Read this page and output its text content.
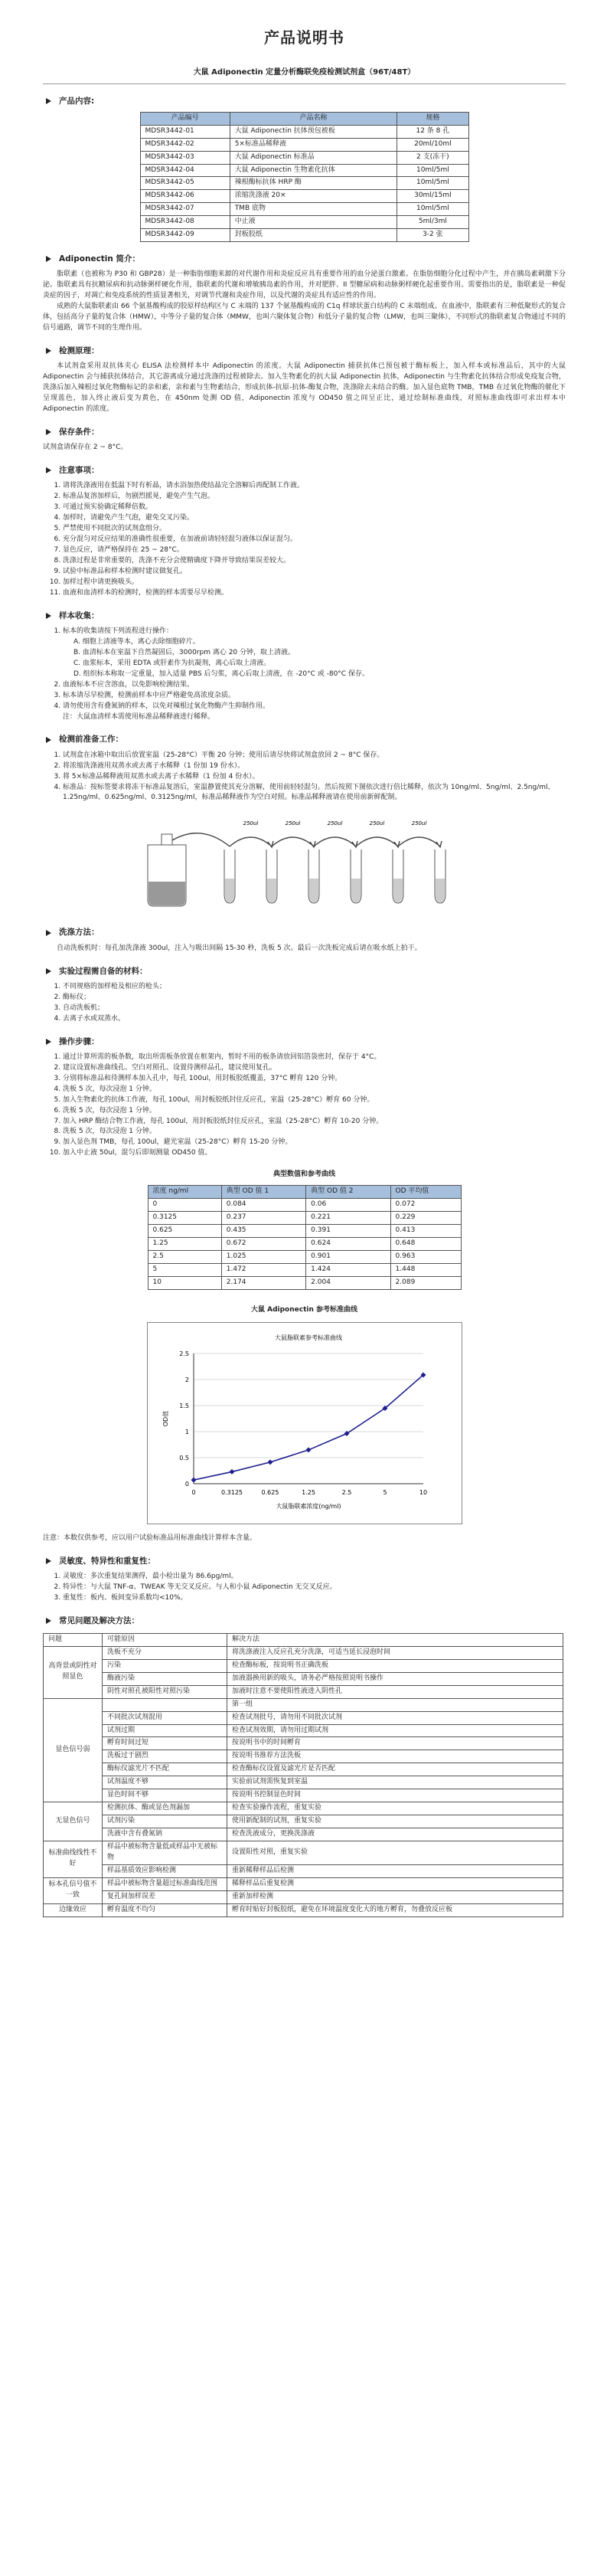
产品说明书
大鼠 Adiponectin 定量分析酶联免疫检测试剂盒（96T/48T）
产品内容:
产品编号	产品名称	规格
MDSR3442-01	大鼠 Adiponectin 抗体预包被板	12 条 8 孔
MDSR3442-02	5×标准品稀释液	20ml/10ml
MDSR3442-03	大鼠 Adiponectin 标准品	2 支(冻干)
MDSR3442-04	大鼠 Adiponectin 生物素化抗体	10ml/5ml
MDSR3442-05	辣根酶标抗体 HRP 酶	10ml/5ml
MDSR3442-06	浓缩洗涤液 20×	30ml/15ml
MDSR3442-07	TMB 底物	10ml/5ml
MDSR3442-08	中止液	5ml/3ml
MDSR3442-09	封板胶纸	3-2 张
Adiponectin 简介：

脂联素（也被称为 P30 和 GBP28）是一种脂肪细胞来源的对代谢作用和炎症反应具有重要作用的血分泌蛋白激素。在脂肪细胞分化过程中产生，并在胰岛素刺激下分泌。脂联素具有抗糖尿病和抗动脉粥样硬化作用，脂联素的代谢和增敏胰岛素的作用，并对肥胖、II 型糖尿病和动脉粥样硬化起重要作用。需要指出的是，脂联素是一种促炎症的因子，对凋亡和免疫系统的性质显著相关，对调节代谢和炎症作用，以及代谢的炎症具有适应性的作用。

成熟的大鼠脂联素由 66 个氨基酸构成的胶原样结构区与 C 末端的 137 个氨基酸构成的 C1q 样球状蛋白结构的 C 末端组成。在血液中，脂联素有三种低聚形式的复合体，包括高分子量的复合体（HMW），中等分子量的复合体（MMW，也叫六聚体复合物）和低分子量的复合物（LMW，也叫三聚体），不同形式的脂联素复合物通过不同的信号通路，调节不同的生理作用。

检测原理：

本试剂盒采用双抗体夹心 ELISA 法检测样本中 Adiponectin 的浓度。大鼠 Adiponectin 捕获抗体已预包被于酶标板上，加入样本或标准品后，其中的大鼠 Adiponectin 会与捕获抗体结合，其它游离成分通过洗涤的过程被除去。加入生物素化的抗大鼠 Adiponectin 抗体，Adiponectin 与生物素化抗体结合形成免疫复合物，洗涤后加入辣根过氧化物酶标记的亲和素，亲和素与生物素结合，形成抗体-抗原-抗体-酶复合物，洗涤除去未结合的酶。加入显色底物 TMB，TMB 在过氧化物酶的催化下呈现蓝色，加入终止液后变为黄色，在 450nm 处测 OD 值，Adiponectin 浓度与 OD450 值之间呈正比，通过绘制标准曲线，对照标准曲线即可求出样本中 Adiponectin 的浓度。

保存条件：

试剂盒请保存在 2 ~ 8°C。

注意事项：
1. 请将洗涤液用在低温下时有析晶，请水浴加热使结晶完全溶解后再配制工作液。
2. 标准品复溶加样后，勿剧烈摇晃，避免产生气泡。
3. 可通过预实验确定稀释倍数。
4. 加样时，请避免产生气泡，避免交叉污染。
5. 严禁使用不同批次的试剂盒组分。
6. 充分混匀对反应结果的准确性很重要，在加液前请轻轻混匀液体以保证混匀。
7. 显色反应，请严格保持在 25 ~ 28°C。
8. 洗涤过程是非常重要的，洗涤不充分会使精确度下降并导致结果误差较大。
9. 试验中标准品和样本检测时建议做复孔。
10. 加样过程中请更换吸头。
11. 血液和血清样本的检测时，检测的样本需要尽早检测。
样本收集：
1. 标本的收集请按下列流程进行操作：
A. 细胞上清液等本，离心去除细胞碎片。
B. 血清标本在室温下自然凝固后，3000rpm 离心 20 分钟，取上清液。
C. 血浆标本，采用 EDTA 或肝素作为抗凝剂，离心后取上清液。
D. 组织标本称取一定重量，加入适量 PBS 后匀浆，离心后取上清液，在 -20°C 或 -80°C 保存。
2. 血液标本不应含溶血，以免影响检测结果。
3. 标本请尽早检测，检测前样本中应严格避免高浓度杂质。
4. 请勿使用含有叠氮钠的样本，以免对辣根过氧化物酶产生抑制作用。
注：大鼠血清样本需使用标准品稀释液进行稀释。
检测前准备工作：
1. 试剂盒在冰箱中取出后放置室温（25-28°C）平衡 20 分钟；使用后请尽快将试剂盒放回 2 ~ 8°C 保存。
2. 将浓缩洗涤液用双蒸水或去离子水稀释（1 份加 19 份水）。
3. 将 5×标准品稀释液用双蒸水或去离子水稀释（1 份加 4 份水）。
4. 标准品：按标签要求将冻干标准品复溶后，室温静置使其充分溶解，使用前轻轻混匀。然后按照下图依次进行倍比稀释，依次为 10ng/ml、5ng/ml、2.5ng/ml、1.25ng/ml、0.625ng/ml、0.3125ng/ml，标准品稀释液作为空白对照。标准品稀释液请在使用前新鲜配制。
250ul	250ul	250ul	250ul	250ul
洗涤方法：

自动洗板机时：每孔加洗涤液 300ul，注入与吸出间隔 15-30 秒，洗板 5 次。最后一次洗板完成后请在吸水纸上拍干。

实验过程需自备的材料：
1. 不同规格的加样枪及相应的枪头；
2. 酶标仪；
3. 自动洗板机；
4. 去离子水或双蒸水。
操作步骤：
1. 通过计算所需的板条数，取出所需板条放置在框架内，暂时不用的板条请放回铝箔袋密封，保存于 4°C。
2. 建议设置标准曲线孔、空白对照孔、设置待测样品孔，建议使用复孔。
3. 分别将标准品和待测样本加入孔中，每孔 100ul，用封板胶纸覆盖，37°C 孵育 120 分钟。
4. 洗板 5 次，每次浸泡 1 分钟。
5. 加入生物素化的抗体工作液，每孔 100ul，用封板胶纸封住反应孔，室温（25-28°C）孵育 60 分钟。
6. 洗板 5 次，每次浸泡 1 分钟。
7. 加入 HRP 酶结合物工作液，每孔 100ul，用封板胶纸封住反应孔，室温（25-28°C）孵育 10-20 分钟。
8. 洗板 5 次，每次浸泡 1 分钟。
9. 加入显色剂 TMB，每孔 100ul，避光室温（25-28°C）孵育 15-20 分钟。
10. 加入中止液 50ul，混匀后即刻测量 OD450 值。
典型数值和参考曲线
浓度 ng/ml	典型 OD 值 1	典型 OD 值 2	OD 平均值
0	0.084	0.06	0.072
0.3125	0.237	0.221	0.229
0.625	0.435	0.391	0.413
1.25	0.672	0.624	0.648
2.5	1.025	0.901	0.963
5	1.472	1.424	1.448
10	2.174	2.004	2.089
大鼠 Adiponectin 参考标准曲线
大鼠脂联素参考标准曲线
0
0.5
1
1.5
2
2.5
0	0.3125	0.625	1.25	2.5	5	10
大鼠脂联素浓度(ng/ml)
OD值
注意：本数仅供参考，应以用户试验标准品用标准曲线计算样本含量。
灵敏度、特异性和重复性：
1. 灵敏度：多次重复结果测得，最小检出量为 86.6pg/ml。
2. 特异性：与大鼠 TNF-α、TWEAK 等无交叉反应。与人和小鼠 Adiponectin 无交叉反应。
3. 重复性：板内、板间变异系数均<10%。
常见问题及解决方法：
问题	可能原因	解决方法
高背景或阴性对照显色	洗板不充分	将洗涤液注入反应孔充分洗涤，可适当延长浸泡时间
	污染	检查酶标板，按说明书正确洗板
	酶液污染	加液器换用新的吸头，请务必严格按照说明书操作
	阴性对照孔被阳性对照污染	加液时注意不要使阳性液进入阴性孔
显色信号弱		第一组
	不同批次试剂混用	检查试剂批号，请勿用不同批次试剂
	试剂过期	检查试剂效期，请勿用过期试剂
	孵育时间过短	按说明书中的时间孵育
	洗板过于剧烈	按说明书推荐方法洗板
	酶标仪滤光片不匹配	检查酶标仪设置及滤光片是否匹配
	试剂温度不够	实验前试剂需恢复到室温
	显色时间不够	按说明书控制显色时间
无显色信号	检测抗体、酶或显色剂漏加	检查实验操作流程，重复实验
	试剂污染	使用新配制的试剂，重复实验
	洗液中含有叠氮钠	检查洗液成分，更换洗涤液
标准曲线线性不好	样品中被标物含量低或样品中无被标物	设置阳性对照，重复实验
	样品基质效应影响检测	重新稀释样品后检测
标本孔信号值不一致	样品中被标物含量超过标准曲线范围	稀释样品后重复检测
	复孔间加样误差	重新加样检测
边缘效应	孵育温度不均匀	孵育时贴好封板胶纸，避免在环境温度变化大的地方孵育，勿叠放反应板
